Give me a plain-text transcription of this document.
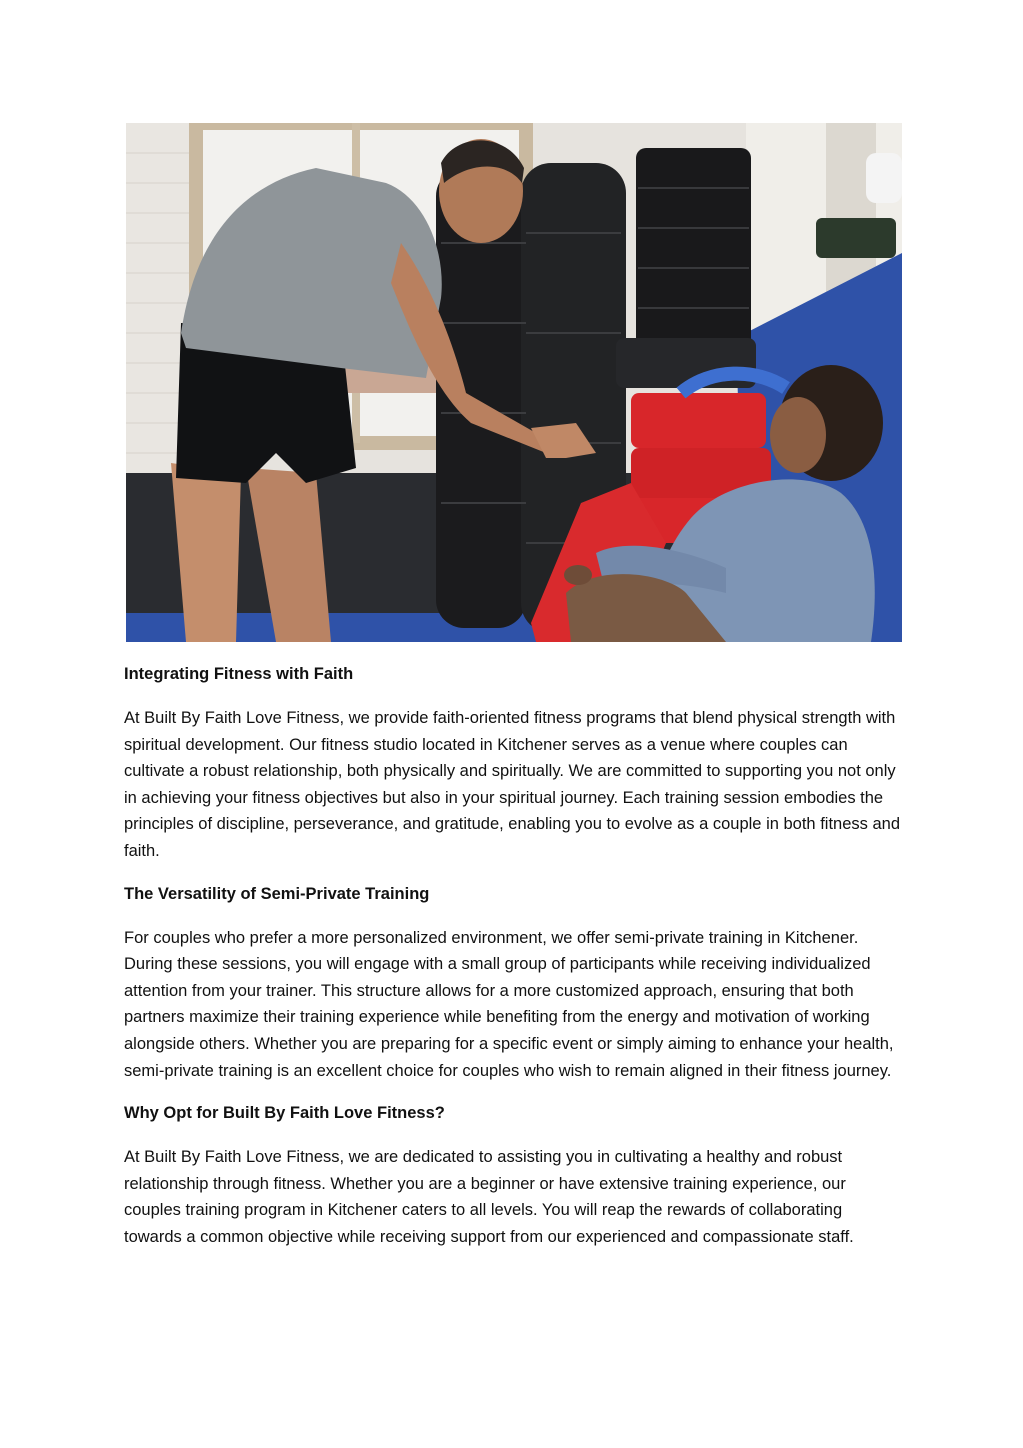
Integrating Fitness with Faith

At Built By Faith Love Fitness, we provide faith-oriented fitness programs that blend physical strength with spiritual development. Our fitness studio located in Kitchener serves as a venue where couples can cultivate a robust relationship, both physically and spiritually. We are committed to supporting you not only in achieving your fitness objectives but also in your spiritual journey. Each training session embodies the principles of discipline, perseverance, and gratitude, enabling you to evolve as a couple in both fitness and faith.

The Versatility of Semi-Private Training

For couples who prefer a more personalized environment, we offer semi-private training in Kitchener. During these sessions, you will engage with a small group of participants while receiving individualized attention from your trainer. This structure allows for a more customized approach, ensuring that both partners maximize their training experience while benefiting from the energy and motivation of working alongside others. Whether you are preparing for a specific event or simply aiming to enhance your health, semi-private training is an excellent choice for couples who wish to remain aligned in their fitness journey.

Why Opt for Built By Faith Love Fitness?

At Built By Faith Love Fitness, we are dedicated to assisting you in cultivating a healthy and robust relationship through fitness. Whether you are a beginner or have extensive training experience, our couples training program in Kitchener caters to all levels. You will reap the rewards of collaborating towards a common objective while receiving support from our experienced and compassionate staff.
